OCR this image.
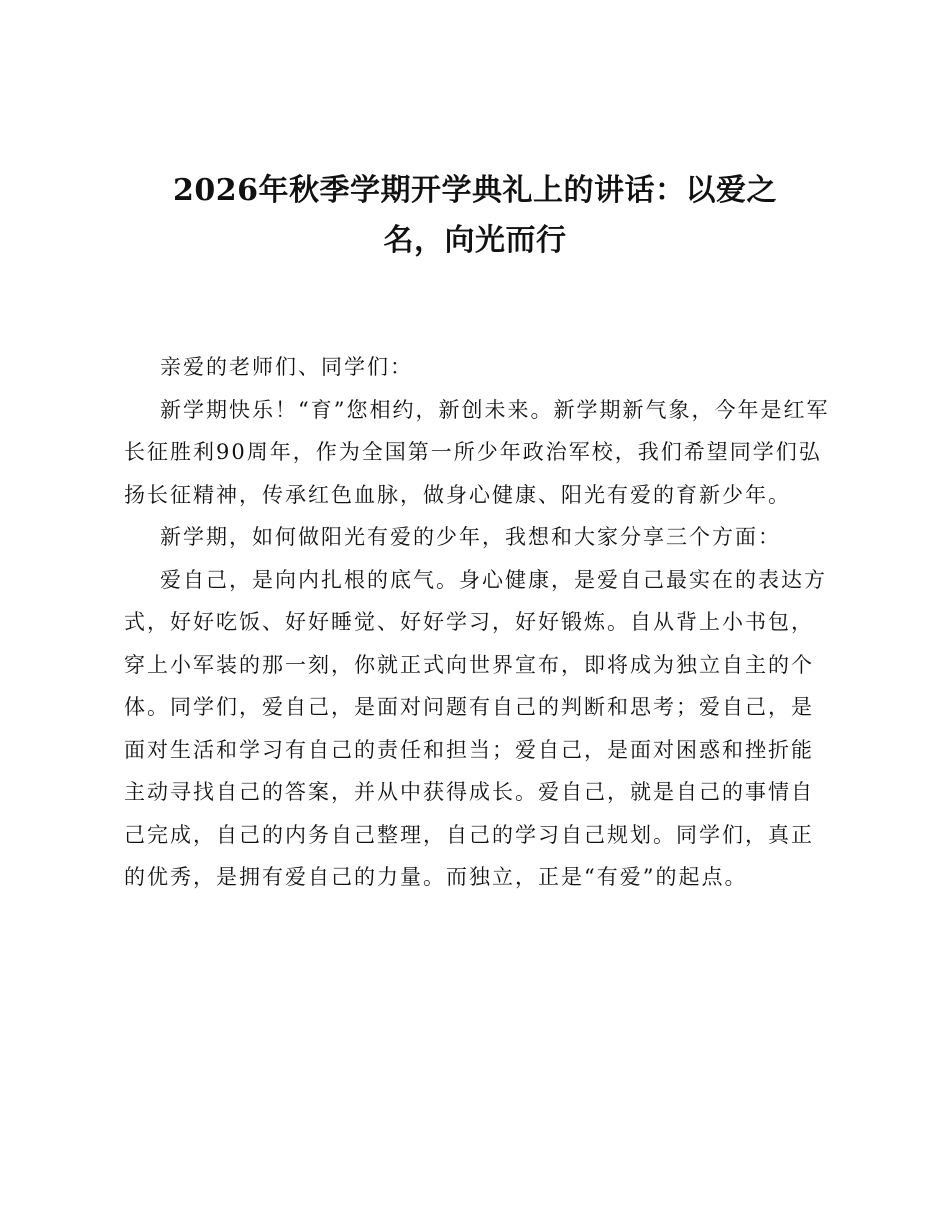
2026年秋季学期开学典礼上的讲话：以爱之
名，向光而行

亲爱的老师们、同学们：

新学期快乐！“育”您相约，新创未来。新学期新气象，今年是红军长征胜利90周年，作为全国第一所少年政治军校，我们希望同学们弘扬长征精神，传承红色血脉，做身心健康、阳光有爱的育新少年。

新学期，如何做阳光有爱的少年，我想和大家分享三个方面：

爱自己，是向内扎根的底气。身心健康，是爱自己最实在的表达方式，好好吃饭、好好睡觉、好好学习，好好锻炼。自从背上小书包，穿上小军装的那一刻，你就正式向世界宣布，即将成为独立自主的个体。同学们，爱自己，是面对问题有自己的判断和思考；爱自己，是面对生活和学习有自己的责任和担当；爱自己，是面对困惑和挫折能主动寻找自己的答案，并从中获得成长。爱自己，就是自己的事情自己完成，自己的内务自己整理，自己的学习自己规划。同学们，真正的优秀，是拥有爱自己的力量。而独立，正是“有爱”的起点。
